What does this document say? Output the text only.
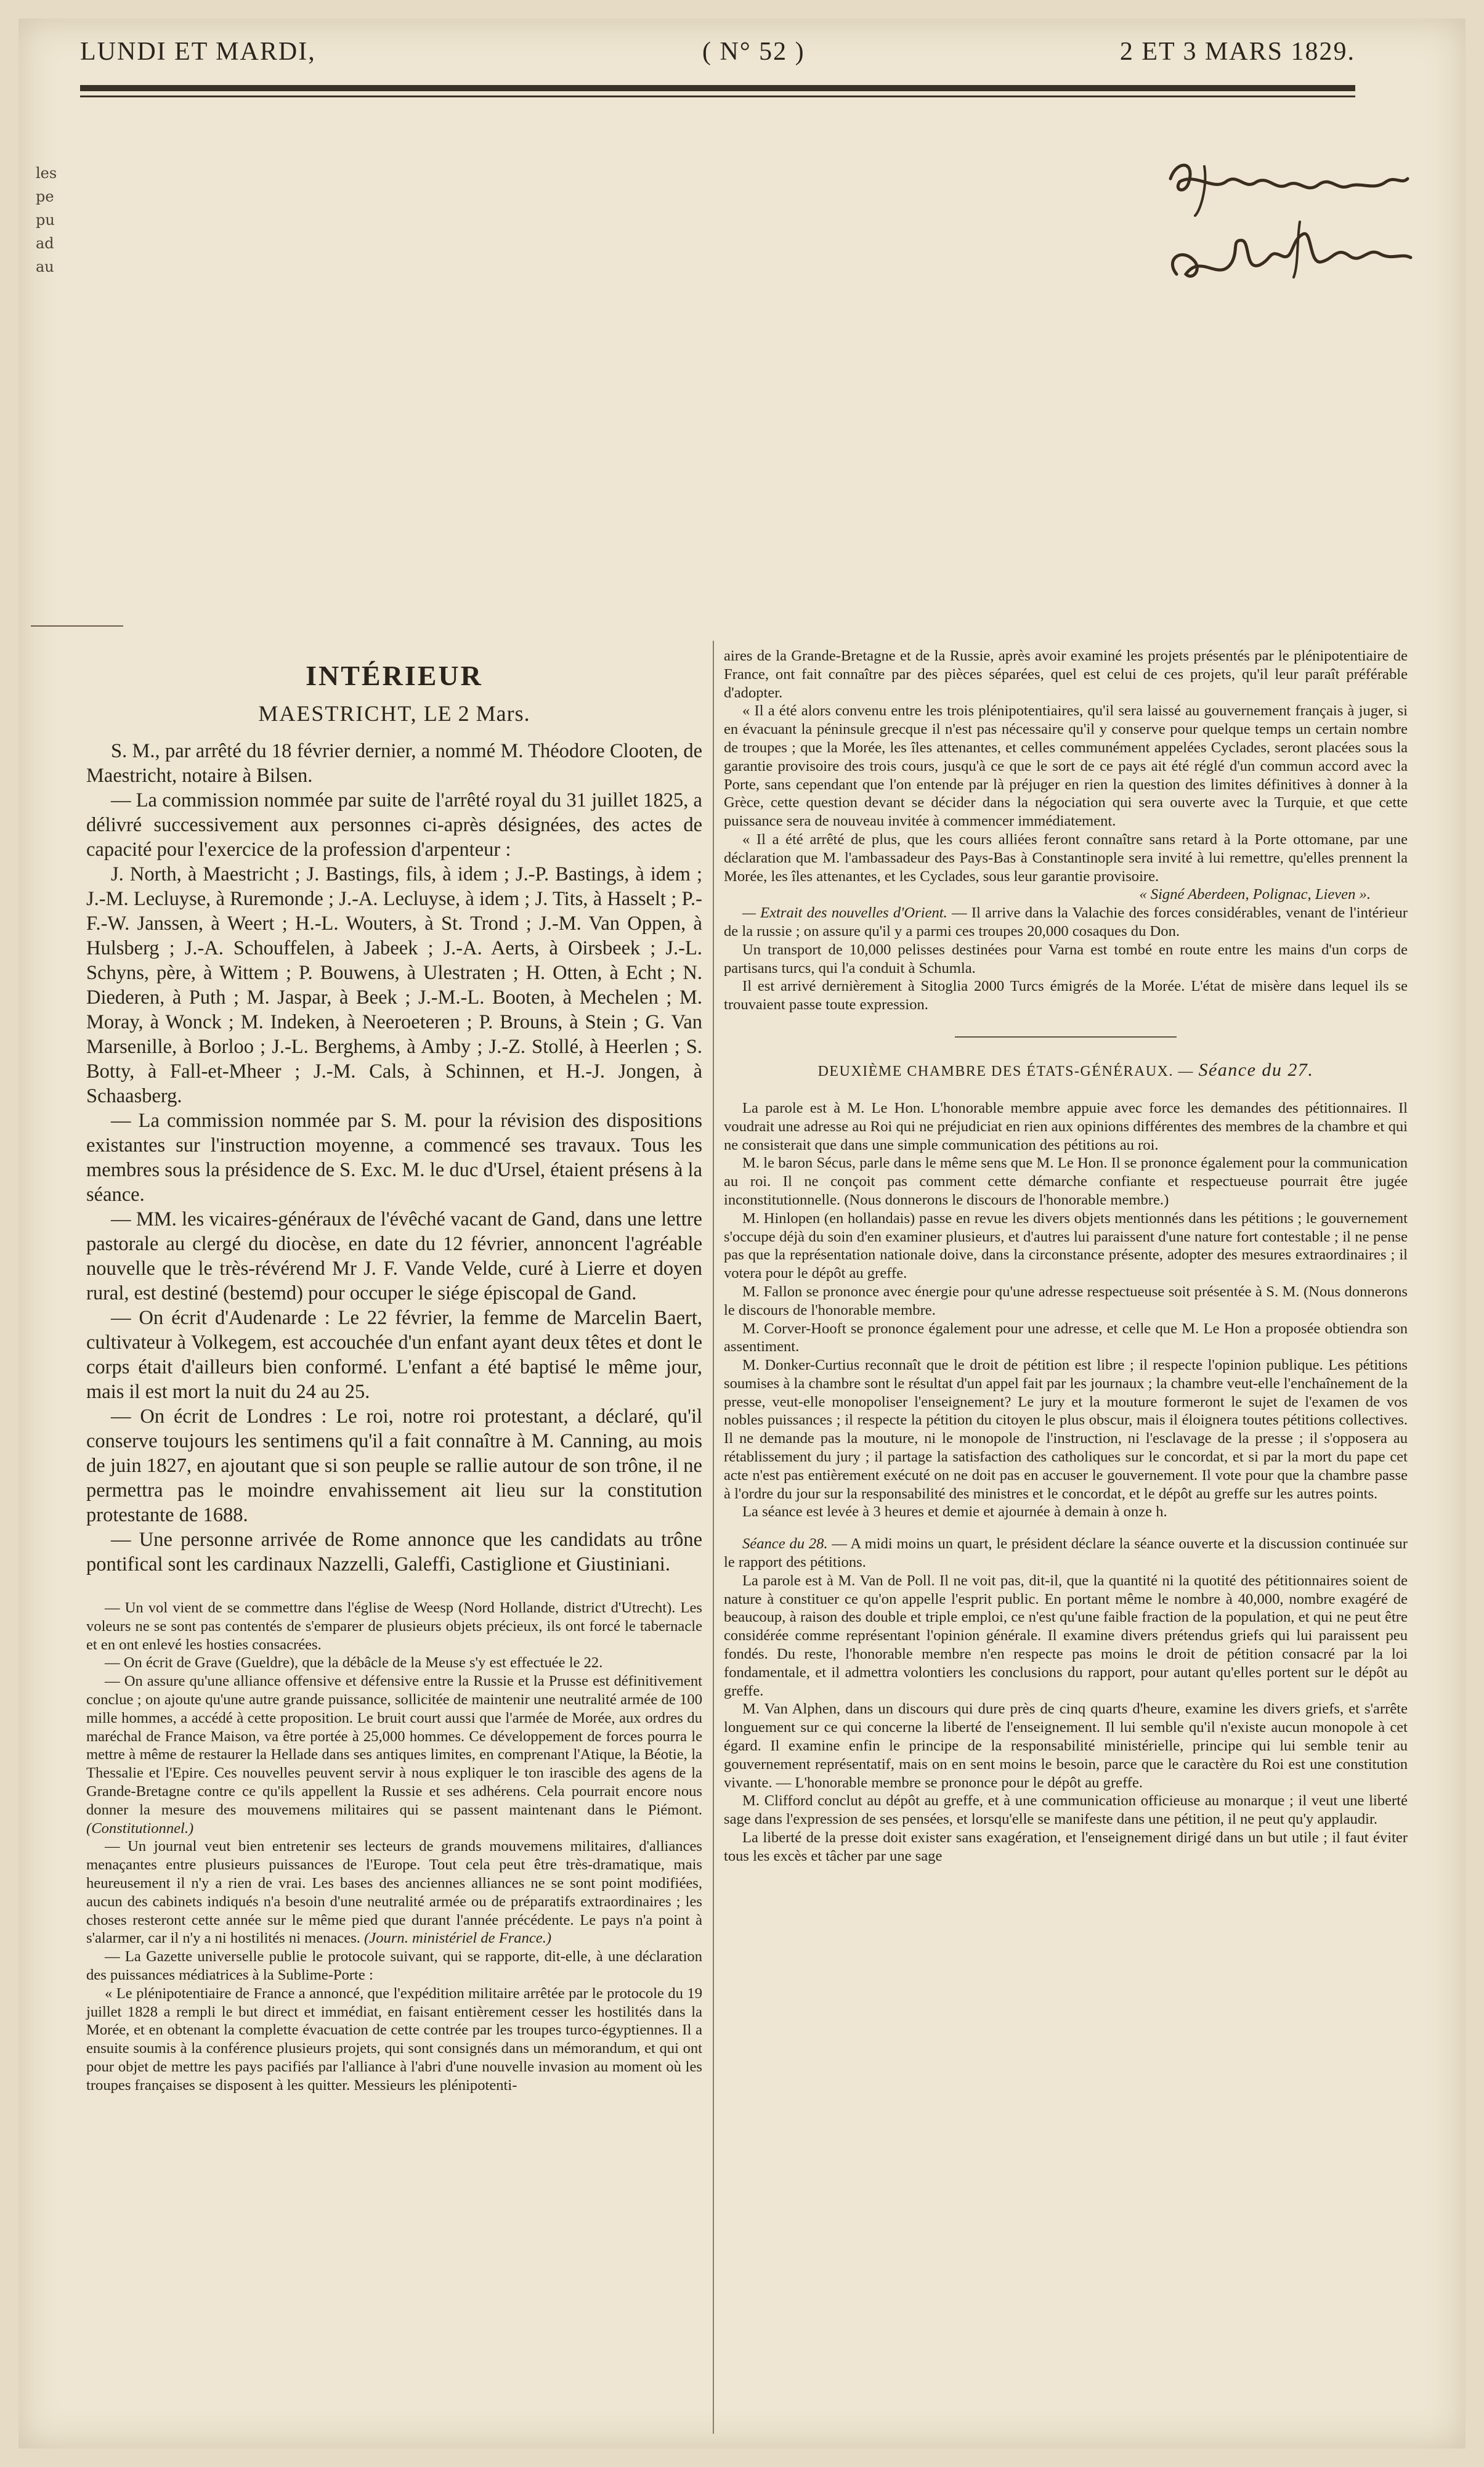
LUNDI ET MARDI,	( N° 52 )	2 ET 3 MARS 1829.
les
pe
pu
ad
au
INTÉRIEUR
MAESTRICHT, LE 2 Mars.

S. M., par arrêté du 18 février dernier, a nommé M. Théodore Clooten, de Maestricht, notaire à Bilsen.

— La commission nommée par suite de l'arrêté royal du 31 juillet 1825, a délivré successivement aux personnes ci-après désignées, des actes de capacité pour l'exercice de la profession d'arpenteur :

J. North, à Maestricht ; J. Bastings, fils, à idem ; J.-P. Bastings, à idem ; J.-M. Lecluyse, à Ruremonde ; J.-A. Lecluyse, à idem ; J. Tits, à Hasselt ; P.-F.-W. Janssen, à Weert ; H.-L. Wouters, à St. Trond ; J.-M. Van Oppen, à Hulsberg ; J.-A. Schouffelen, à Jabeek ; J.-A. Aerts, à Oirsbeek ; J.-L. Schyns, père, à Wittem ; P. Bouwens, à Ulestraten ; H. Otten, à Echt ; N. Diederen, à Puth ; M. Jaspar, à Beek ; J.-M.-L. Booten, à Mechelen ; M. Moray, à Wonck ; M. Indeken, à Neeroeteren ; P. Brouns, à Stein ; G. Van Marsenille, à Borloo ; J.-L. Berghems, à Amby ; J.-Z. Stollé, à Heerlen ; S. Botty, à Fall-et-Mheer ; J.-M. Cals, à Schinnen, et H.-J. Jongen, à Schaasberg.

— La commission nommée par S. M. pour la révision des dispositions existantes sur l'instruction moyenne, a commencé ses travaux. Tous les membres sous la présidence de S. Exc. M. le duc d'Ursel, étaient présens à la séance.

— MM. les vicaires-généraux de l'évêché vacant de Gand, dans une lettre pastorale au clergé du diocèse, en date du 12 février, annoncent l'agréable nouvelle que le très-révérend Mr J. F. Vande Velde, curé à Lierre et doyen rural, est destiné (bestemd) pour occuper le siége épiscopal de Gand.

— On écrit d'Audenarde : Le 22 février, la femme de Marcelin Baert, cultivateur à Volkegem, est accouchée d'un enfant ayant deux têtes et dont le corps était d'ailleurs bien conformé. L'enfant a été baptisé le même jour, mais il est mort la nuit du 24 au 25.

— On écrit de Londres : Le roi, notre roi protestant, a déclaré, qu'il conserve toujours les sentimens qu'il a fait connaître à M. Canning, au mois de juin 1827, en ajoutant que si son peuple se rallie autour de son trône, il ne permettra pas le moindre envahissement ait lieu sur la constitution protestante de 1688.

— Une personne arrivée de Rome annonce que les candidats au trône pontifical sont les cardinaux Nazzelli, Galeffi, Castiglione et Giustiniani.

— Un vol vient de se commettre dans l'église de Weesp (Nord Hollande, district d'Utrecht). Les voleurs ne se sont pas contentés de s'emparer de plusieurs objets précieux, ils ont forcé le tabernacle et en ont enlevé les hosties consacrées.

— On écrit de Grave (Gueldre), que la débâcle de la Meuse s'y est effectuée le 22.

— On assure qu'une alliance offensive et défensive entre la Russie et la Prusse est définitivement conclue ; on ajoute qu'une autre grande puissance, sollicitée de maintenir une neutralité armée de 100 mille hommes, a accédé à cette proposition. Le bruit court aussi que l'armée de Morée, aux ordres du maréchal de France Maison, va être portée à 25,000 hommes. Ce développement de forces pourra le mettre à même de restaurer la Hellade dans ses antiques limites, en comprenant l'Atique, la Béotie, la Thessalie et l'Epire. Ces nouvelles peuvent servir à nous expliquer le ton irascible des agens de la Grande-Bretagne contre ce qu'ils appellent la Russie et ses adhérens. Cela pourrait encore nous donner la mesure des mouvemens militaires qui se passent maintenant dans le Piémont. (Constitutionnel.)

— Un journal veut bien entretenir ses lecteurs de grands mouvemens militaires, d'alliances menaçantes entre plusieurs puissances de l'Europe. Tout cela peut être très-dramatique, mais heureusement il n'y a rien de vrai. Les bases des anciennes alliances ne se sont point modifiées, aucun des cabinets indiqués n'a besoin d'une neutralité armée ou de préparatifs extraordinaires ; les choses resteront cette année sur le même pied que durant l'année précédente. Le pays n'a point à s'alarmer, car il n'y a ni hostilités ni menaces. (Journ. ministériel de France.)

— La Gazette universelle publie le protocole suivant, qui se rapporte, dit-elle, à une déclaration des puissances médiatrices à la Sublime-Porte :

« Le plénipotentiaire de France a annoncé, que l'expédition militaire arrêtée par le protocole du 19 juillet 1828 a rempli le but direct et immédiat, en faisant entièrement cesser les hostilités dans la Morée, et en obtenant la complette évacuation de cette contrée par les troupes turco-égyptiennes. Il a ensuite soumis à la conférence plusieurs projets, qui sont consignés dans un mémorandum, et qui ont pour objet de mettre les pays pacifiés par l'alliance à l'abri d'une nouvelle invasion au moment où les troupes françaises se disposent à les quitter. Messieurs les plénipotenti-

aires de la Grande-Bretagne et de la Russie, après avoir examiné les projets présentés par le plénipotentiaire de France, ont fait connaître par des pièces séparées, quel est celui de ces projets, qu'il leur paraît préférable d'adopter.

« Il a été alors convenu entre les trois plénipotentiaires, qu'il sera laissé au gouvernement français à juger, si en évacuant la péninsule grecque il n'est pas nécessaire qu'il y conserve pour quelque temps un certain nombre de troupes ; que la Morée, les îles attenantes, et celles communément appelées Cyclades, seront placées sous la garantie provisoire des trois cours, jusqu'à ce que le sort de ce pays ait été réglé d'un commun accord avec la Porte, sans cependant que l'on entende par là préjuger en rien la question des limites définitives à donner à la Grèce, cette question devant se décider dans la négociation qui sera ouverte avec la Turquie, et que cette puissance sera de nouveau invitée à commencer immédiatement.

« Il a été arrêté de plus, que les cours alliées feront connaître sans retard à la Porte ottomane, par une déclaration que M. l'ambassadeur des Pays-Bas à Constantinople sera invité à lui remettre, qu'elles prennent la Morée, les îles attenantes, et les Cyclades, sous leur garantie provisoire.

« Signé Aberdeen, Polignac, Lieven ».

— Extrait des nouvelles d'Orient. — Il arrive dans la Valachie des forces considérables, venant de l'intérieur de la russie ; on assure qu'il y a parmi ces troupes 20,000 cosaques du Don.

Un transport de 10,000 pelisses destinées pour Varna est tombé en route entre les mains d'un corps de partisans turcs, qui l'a conduit à Schumla.

Il est arrivé dernièrement à Sitoglia 2000 Turcs émigrés de la Morée. L'état de misère dans lequel ils se trouvaient passe toute expression.

DEUXIÈME CHAMBRE DES ÉTATS-GÉNÉRAUX. — Séance du 27.

La parole est à M. Le Hon. L'honorable membre appuie avec force les demandes des pétitionnaires. Il voudrait une adresse au Roi qui ne préjudiciat en rien aux opinions différentes des membres de la chambre et qui ne consisterait que dans une simple communication des pétitions au roi.

M. le baron Sécus, parle dans le même sens que M. Le Hon. Il se prononce également pour la communication au roi. Il ne conçoit pas comment cette démarche confiante et respectueuse pourrait être jugée inconstitutionnelle. (Nous donnerons le discours de l'honorable membre.)

M. Hinlopen (en hollandais) passe en revue les divers objets mentionnés dans les pétitions ; le gouvernement s'occupe déjà du soin d'en examiner plusieurs, et d'autres lui paraissent d'une nature fort contestable ; il ne pense pas que la représentation nationale doive, dans la circonstance présente, adopter des mesures extraordinaires ; il votera pour le dépôt au greffe.

M. Fallon se prononce avec énergie pour qu'une adresse respectueuse soit présentée à S. M. (Nous donnerons le discours de l'honorable membre.

M. Corver-Hooft se prononce également pour une adresse, et celle que M. Le Hon a proposée obtiendra son assentiment.

M. Donker-Curtius reconnaît que le droit de pétition est libre ; il respecte l'opinion publique. Les pétitions soumises à la chambre sont le résultat d'un appel fait par les journaux ; la chambre veut-elle l'enchaînement de la presse, veut-elle monopoliser l'enseignement? Le jury et la mouture formeront le sujet de l'examen de vos nobles puissances ; il respecte la pétition du citoyen le plus obscur, mais il éloignera toutes pétitions collectives. Il ne demande pas la mouture, ni le monopole de l'instruction, ni l'esclavage de la presse ; il s'opposera au rétablissement du jury ; il partage la satisfaction des catholiques sur le concordat, et si par la mort du pape cet acte n'est pas entièrement exécuté on ne doit pas en accuser le gouvernement. Il vote pour que la chambre passe à l'ordre du jour sur la responsabilité des ministres et le concordat, et le dépôt au greffe sur les autres points.

La séance est levée à 3 heures et demie et ajournée à demain à onze h.

Séance du 28. — A midi moins un quart, le président déclare la séance ouverte et la discussion continuée sur le rapport des pétitions.

La parole est à M. Van de Poll. Il ne voit pas, dit-il, que la quantité ni la quotité des pétitionnaires soient de nature à constituer ce qu'on appelle l'esprit public. En portant même le nombre à 40,000, nombre exagéré de beaucoup, à raison des double et triple emploi, ce n'est qu'une faible fraction de la population, et qui ne peut être considérée comme représentant l'opinion générale. Il examine divers prétendus griefs qui lui paraissent peu fondés. Du reste, l'honorable membre n'en respecte pas moins le droit de pétition consacré par la loi fondamentale, et il admettra volontiers les conclusions du rapport, pour autant qu'elles portent sur le dépôt au greffe.

M. Van Alphen, dans un discours qui dure près de cinq quarts d'heure, examine les divers griefs, et s'arrête longuement sur ce qui concerne la liberté de l'enseignement. Il lui semble qu'il n'existe aucun monopole à cet égard. Il examine enfin le principe de la responsabilité ministérielle, principe qui lui semble tenir au gouvernement représentatif, mais on en sent moins le besoin, parce que le caractère du Roi est une constitution vivante. — L'honorable membre se prononce pour le dépôt au greffe.

M. Clifford conclut au dépôt au greffe, et à une communication officieuse au monarque ; il veut une liberté sage dans l'expression de ses pensées, et lorsqu'elle se manifeste dans une pétition, il ne peut qu'y applaudir.

La liberté de la presse doit exister sans exagération, et l'enseignement dirigé dans un but utile ; il faut éviter tous les excès et tâcher par une sage
